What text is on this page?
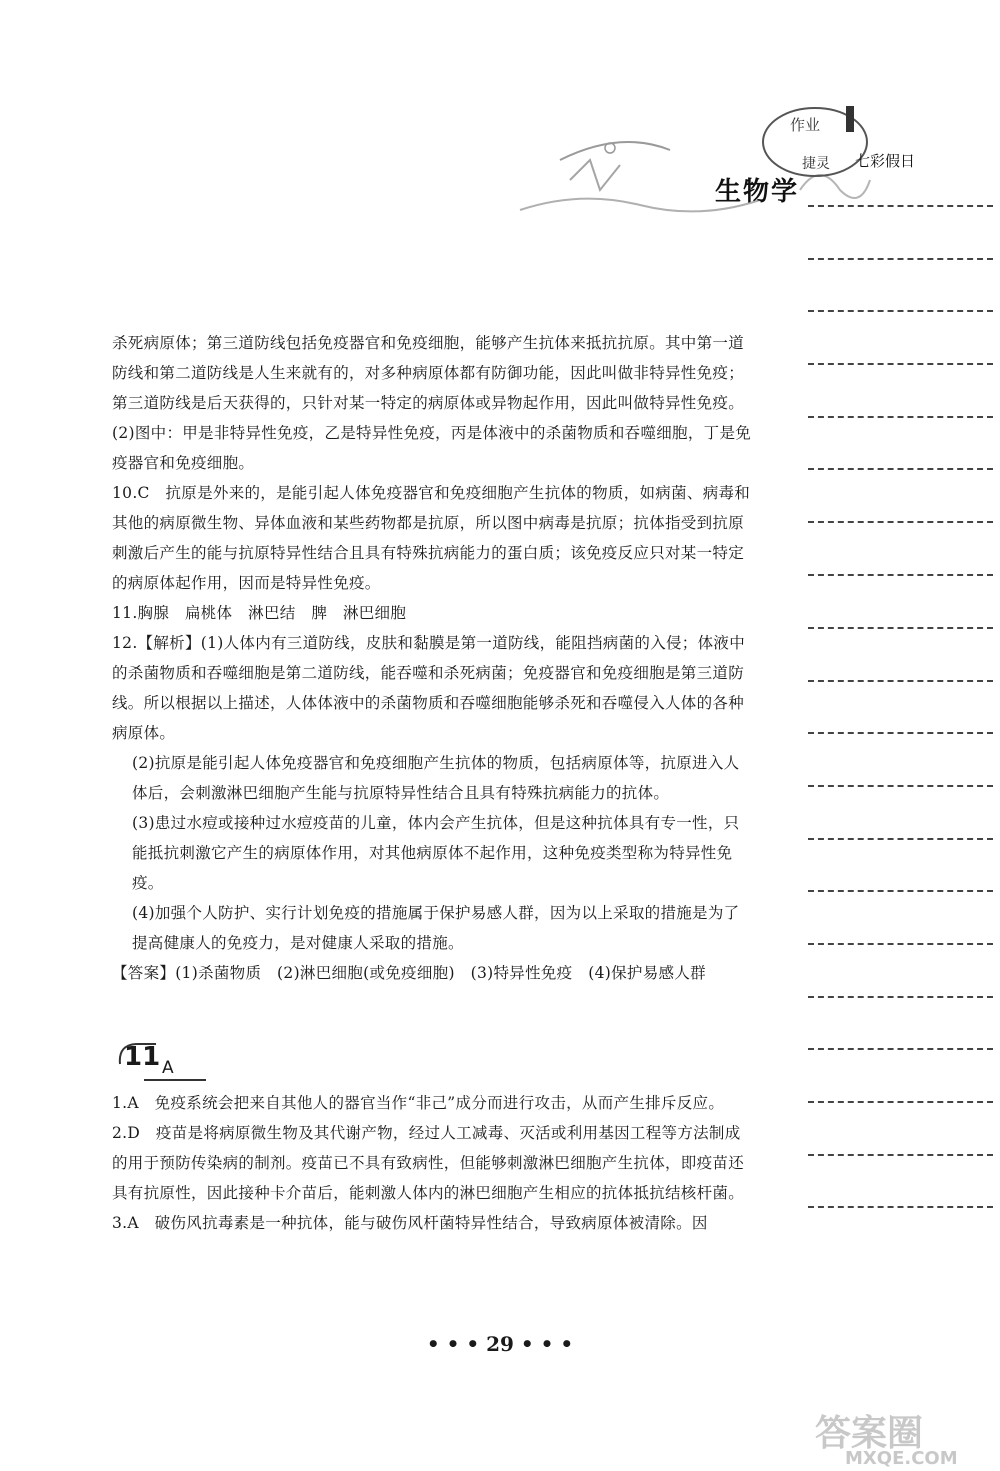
生物学
作业
捷灵 七彩假日

杀死病原体；第三道防线包括免疫器官和免疫细胞，能够产生抗体来抵抗抗原。其中第一道防线和第二道防线是人生来就有的，对多种病原体都有防御功能，因此叫做非特异性免疫；第三道防线是后天获得的，只针对某一特定的病原体或异物起作用，因此叫做特异性免疫。

(2)图中：甲是非特异性免疫，乙是特异性免疫，丙是体液中的杀菌物质和吞噬细胞，丁是免疫器官和免疫细胞。

10.C　抗原是外来的，是能引起人体免疫器官和免疫细胞产生抗体的物质，如病菌、病毒和其他的病原微生物、异体血液和某些药物都是抗原，所以图中病毒是抗原；抗体指受到抗原刺激后产生的能与抗原特异性结合且具有特殊抗病能力的蛋白质；该免疫反应只对某一特定的病原体起作用，因而是特异性免疫。

11.胸腺　扁桃体　淋巴结　脾　淋巴细胞

12.【解析】(1)人体内有三道防线，皮肤和黏膜是第一道防线，能阻挡病菌的入侵；体液中的杀菌物质和吞噬细胞是第二道防线，能吞噬和杀死病菌；免疫器官和免疫细胞是第三道防线。所以根据以上描述，人体体液中的杀菌物质和吞噬细胞能够杀死和吞噬侵入人体的各种病原体。

(2)抗原是能引起人体免疫器官和免疫细胞产生抗体的物质，包括病原体等，抗原进入人体后，会刺激淋巴细胞产生能与抗原特异性结合且具有特殊抗病能力的抗体。

(3)患过水痘或接种过水痘疫苗的儿童，体内会产生抗体，但是这种抗体具有专一性，只能抵抗刺激它产生的病原体作用，对其他病原体不起作用，这种免疫类型称为特异性免疫。

(4)加强个人防护、实行计划免疫的措施属于保护易感人群，因为以上采取的措施是为了提高健康人的免疫力，是对健康人采取的措施。

【答案】(1)杀菌物质　(2)淋巴细胞(或免疫细胞)　(3)特异性免疫　(4)保护易感人群

11 A

1.A　免疫系统会把来自其他人的器官当作“非己”成分而进行攻击，从而产生排斥反应。

2.D　疫苗是将病原微生物及其代谢产物，经过人工减毒、灭活或利用基因工程等方法制成的用于预防传染病的制剂。疫苗已不具有致病性，但能够刺激淋巴细胞产生抗体，即疫苗还具有抗原性，因此接种卡介苗后，能刺激人体内的淋巴细胞产生相应的抗体抵抗结核杆菌。

3.A　破伤风抗毒素是一种抗体，能与破伤风杆菌特异性结合，导致病原体被清除。因

• • • 29 • • •
答案圈
MXQE.COM
